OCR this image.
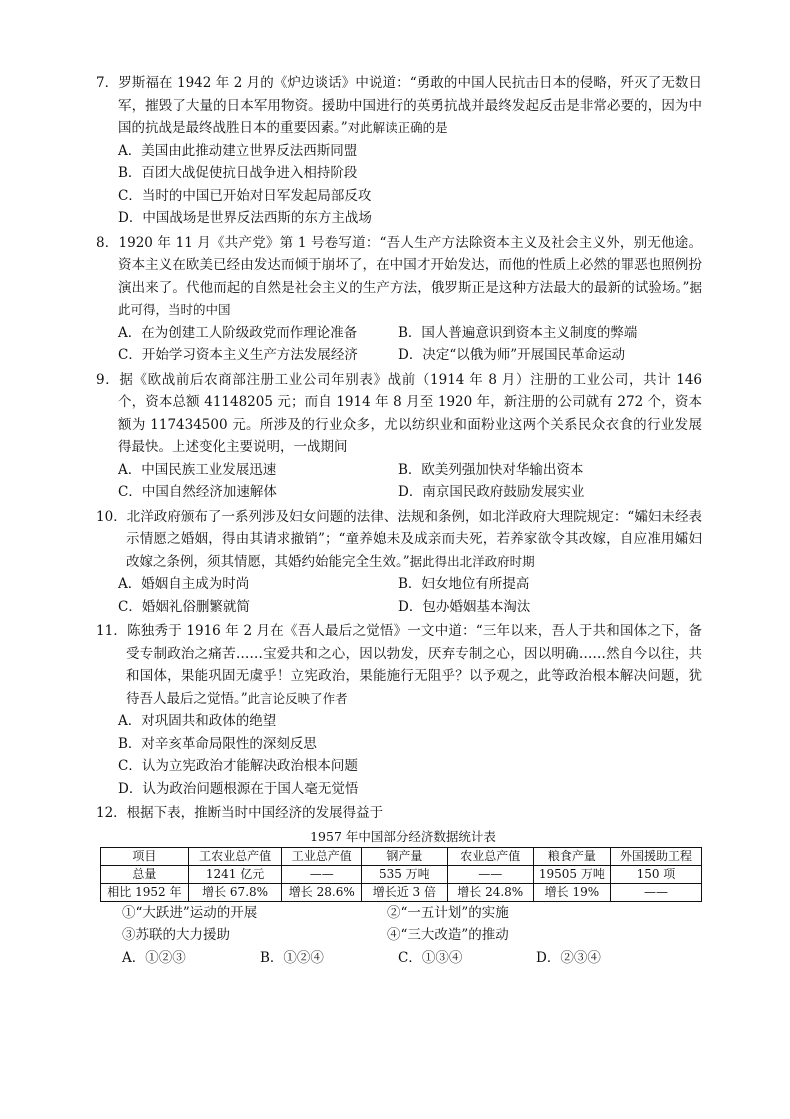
7．罗斯福在 1942 年 2 月的《炉边谈话》中说道：“勇敢的中国人民抗击日本的侵略，歼灭了无数日军，摧毁了大量的日本军用物资。援助中国进行的英勇抗战并最终发起反击是非常必要的，因为中国的抗战是最终战胜日本的重要因素。”对此解读正确的是
A．美国由此推动建立世界反法西斯同盟
B．百团大战促使抗日战争进入相持阶段
C．当时的中国已开始对日军发起局部反攻
D．中国战场是世界反法西斯的东方主战场
8．1920 年 11 月《共产党》第 1 号卷写道：“吾人生产方法除资本主义及社会主义外，别无他途。资本主义在欧美已经由发达而倾于崩坏了，在中国才开始发达，而他的性质上必然的罪恶也照例扮演出来了。代他而起的自然是社会主义的生产方法，俄罗斯正是这种方法最大的最新的试验场。”据此可得，当时的中国
A．在为创建工人阶级政党而作理论准备	B．国人普遍意识到资本主义制度的弊端
C．开始学习资本主义生产方法发展经济	D．决定“以俄为师”开展国民革命运动
9．据《欧战前后农商部注册工业公司年别表》战前（1914 年 8 月）注册的工业公司，共计 146 个，资本总额 41148205 元；而自 1914 年 8 月至 1920 年，新注册的公司就有 272 个，资本额为 117434500 元。所涉及的行业众多，尤以纺织业和面粉业这两个关系民众衣食的行业发展得最快。上述变化主要说明，一战期间
A．中国民族工业发展迅速	B．欧美列强加快对华输出资本
C．中国自然经济加速解体	D．南京国民政府鼓励发展实业
10．北洋政府颁布了一系列涉及妇女问题的法律、法规和条例，如北洋政府大理院规定：“孀妇未经表示情愿之婚姻，得由其请求撤销”；“童养媳未及成亲而夫死，若养家欲令其改嫁，自应准用孀妇改嫁之条例，须其情愿，其婚约始能完全生效。”据此得出北洋政府时期
A．婚姻自主成为时尚	B．妇女地位有所提高
C．婚姻礼俗删繁就简	D．包办婚姻基本淘汰
11．陈独秀于 1916 年 2 月在《吾人最后之觉悟》一文中道：“三年以来，吾人于共和国体之下，备受专制政治之痛苦……宝爱共和之心，因以勃发，厌弃专制之心，因以明确……然自今以往，共和国体，果能巩固无虞乎！立宪政治，果能施行无阻乎？以予观之，此等政治根本解决问题，犹待吾人最后之觉悟。”此言论反映了作者
A．对巩固共和政体的绝望
B．对辛亥革命局限性的深刻反思
C．认为立宪政治才能解决政治根本问题
D．认为政治问题根源在于国人毫无觉悟
12．根据下表，推断当时中国经济的发展得益于
1957 年中国部分经济数据统计表
项目	工农业总产值	工业总产值	钢产量	农业总产值	粮食产量	外国援助工程
总量	1241 亿元	——	535 万吨	——	19505 万吨	150 项
相比 1952 年	增长 67.8%	增长 28.6%	增长近 3 倍	增长 24.8%	增长 19%	——
①“大跃进”运动的开展	②“一五计划”的实施
③苏联的大力援助	④“三大改造”的推动
A．①②③	B．①②④	C．①③④	D．②③④
